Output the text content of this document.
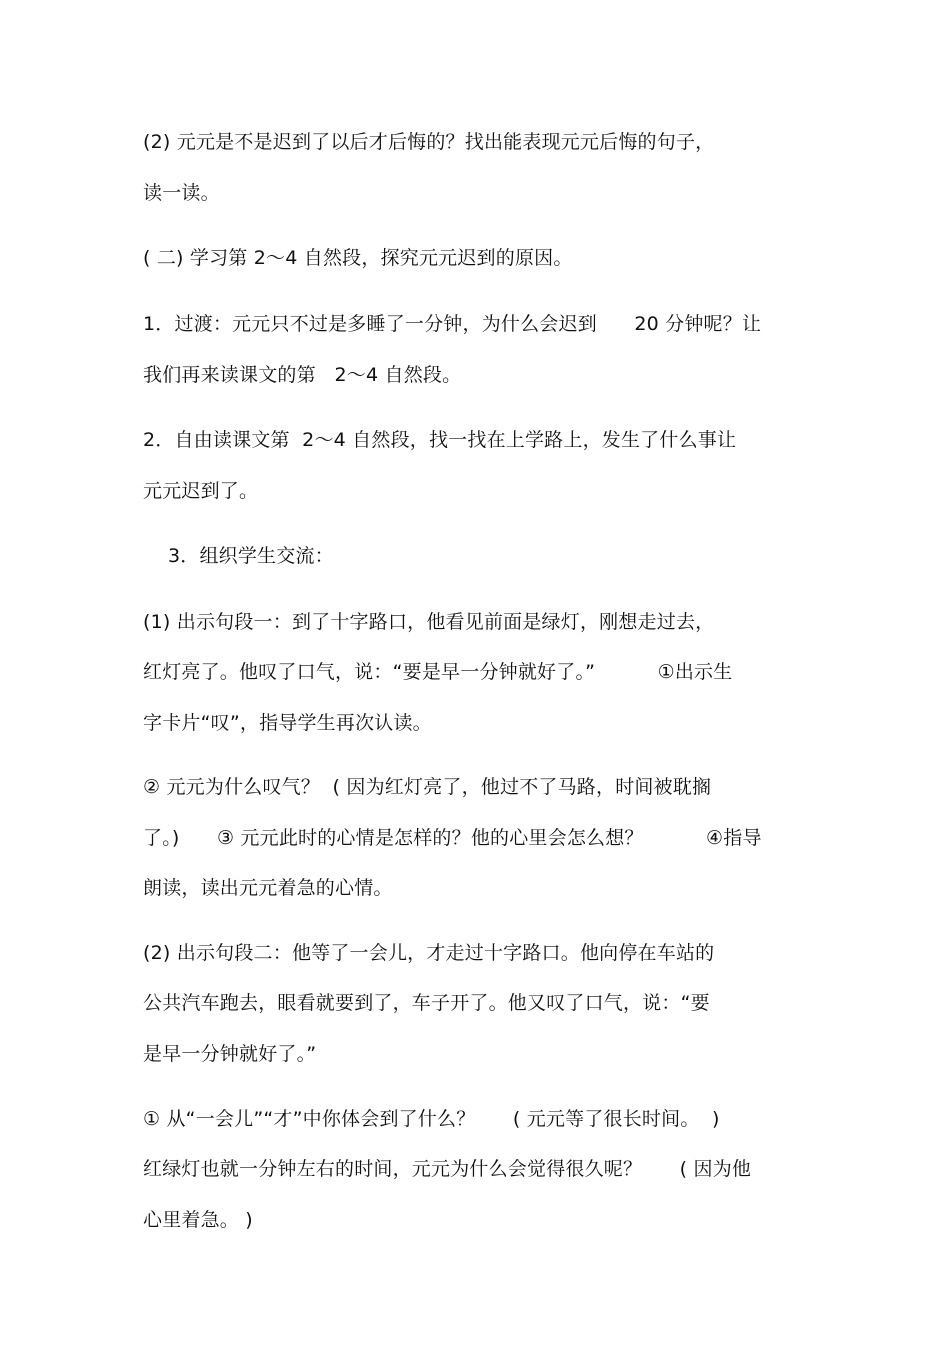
(2) 元元是不是迟到了以后才后悔的？找出能表现元元后悔的句子，
读一读。
( 二) 学习第 2～4 自然段，探究元元迟到的原因。
1．过渡：元元只不过是多睡了一分钟，为什么会迟到      20 分钟呢？让
我们再来读课文的第   2～4 自然段。
2．自由读课文第  2～4 自然段，找一找在上学路上，发生了什么事让
元元迟到了。
3．组织学生交流：
(1) 出示句段一：到了十字路口，他看见前面是绿灯，刚想走过去，
红灯亮了。他叹了口气，说：“要是早一分钟就好了。”          ①出示生
字卡片“叹”，指导学生再次认读。
② 元元为什么叹气？  ( 因为红灯亮了，他过不了马路，时间被耽搁
了。)      ③ 元元此时的心情是怎样的？他的心里会怎么想？          ④指导
朗读，读出元元着急的心情。
(2) 出示句段二：他等了一会儿，才走过十字路口。他向停在车站的
公共汽车跑去，眼看就要到了，车子开了。他又叹了口气，说：“要
是早一分钟就好了。”
① 从“一会儿”“才”中你体会到了什么？      ( 元元等了很长时间。  )
红绿灯也就一分钟左右的时间，元元为什么会觉得很久呢？      ( 因为他
心里着急。 )
